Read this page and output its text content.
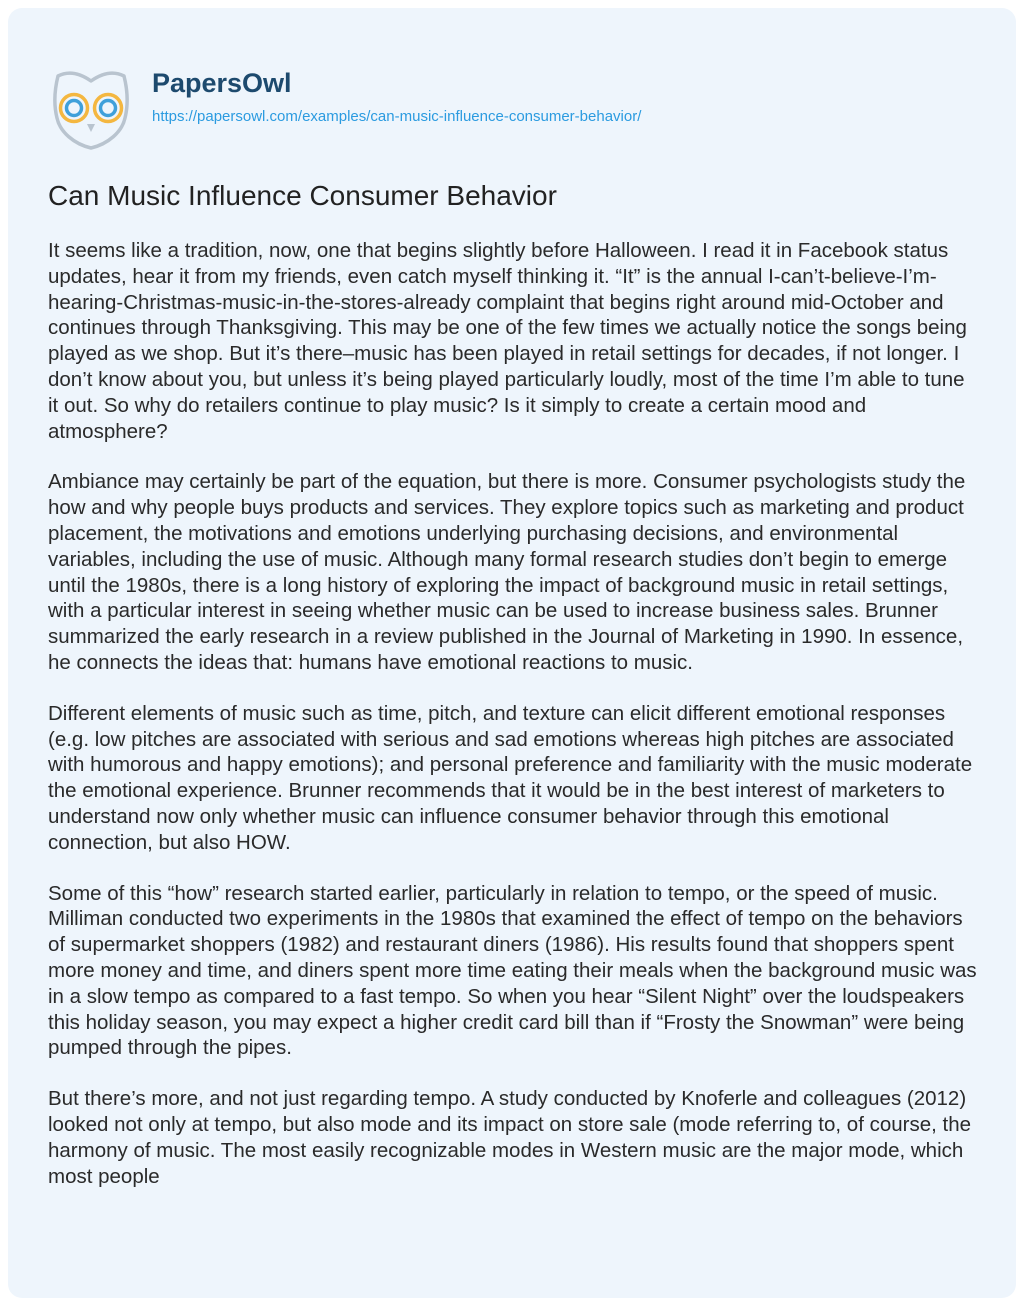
PapersOwl
https://papersowl.com/examples/can-music-influence-consumer-behavior/
Can Music Influence Consumer Behavior

It seems like a tradition, now, one that begins slightly before Halloween. I read it in Facebook status updates, hear it from my friends, even catch myself thinking it. “It” is the annual I-can’t-believe-I’m-hearing-Christmas-music-in-the-stores-already complaint that begins right around mid-October and continues through Thanksgiving. This may be one of the few times we actually notice the songs being played as we shop. But it’s there–music has been played in retail settings for decades, if not longer. I don’t know about you, but unless it’s being played particularly loudly, most of the time I’m able to tune it out. So why do retailers continue to play music? Is it simply to create a certain mood and atmosphere?

Ambiance may certainly be part of the equation, but there is more. Consumer psychologists study the how and why people buys products and services. They explore topics such as marketing and product placement, the motivations and emotions underlying purchasing decisions, and environmental variables, including the use of music. Although many formal research studies don’t begin to emerge until the 1980s, there is a long history of exploring the impact of background music in retail settings, with a particular interest in seeing whether music can be used to increase business sales. Brunner summarized the early research in a review published in the Journal of Marketing in 1990. In essence, he connects the ideas that: humans have emotional reactions to music.

Different elements of music such as time, pitch, and texture can elicit different emotional responses (e.g. low pitches are associated with serious and sad emotions whereas high pitches are associated with humorous and happy emotions); and personal preference and familiarity with the music moderate the emotional experience. Brunner recommends that it would be in the best interest of marketers to understand now only whether music can influence consumer behavior through this emotional connection, but also HOW.

Some of this “how” research started earlier, particularly in relation to tempo, or the speed of music. Milliman conducted two experiments in the 1980s that examined the effect of tempo on the behaviors of supermarket shoppers (1982) and restaurant diners (1986). His results found that shoppers spent more money and time, and diners spent more time eating their meals when the background music was in a slow tempo as compared to a fast tempo. So when you hear “Silent Night” over the loudspeakers this holiday season, you may expect a higher credit card bill than if “Frosty the Snowman” were being pumped through the pipes.

But there’s more, and not just regarding tempo. A study conducted by Knoferle and colleagues (2012) looked not only at tempo, but also mode and its impact on store sale (mode referring to, of course, the harmony of music. The most easily recognizable modes in Western music are the major mode, which most people
